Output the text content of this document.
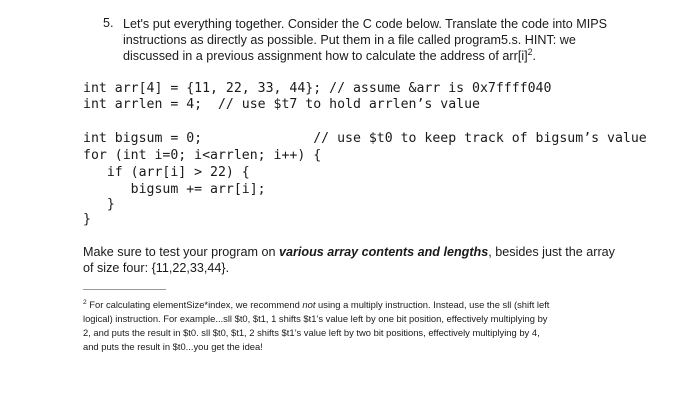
5. Let's put everything together. Consider the C code below. Translate the code into MIPS
instructions as directly as possible. Put them in a file called program5.s. HINT: we
discussed in a previous assignment how to calculate the address of $arr[i]^2$.
int arr[4] = {11, 22, 33, 44}; // assume &arr is 0x7ffff040
int arrlen = 4;  // use $t7 to hold arrlen’s value
int bigsum = 0;              // use $t0 to keep track of bigsum’s value
for (int i=0; i<arrlen; i++) {
if (arr[i] > 22) {
bigsum += arr[i];
}
}
Make sure to test your program on various array contents and lengths, besides just the array
of size four: {11,22,33,44}.
$^2$ For calculating elementSize*index, we recommend not using a multiply instruction. Instead, use the sll (shift left
logical) instruction. For example...sll $t0, $t1, 1 shifts $t1’s value left by one bit position, effectively multiplying by
2, and puts the result in $t0. sll $t0, $t1, 2 shifts $t1’s value left by two bit positions, effectively multiplying by 4,
and puts the result in $t0...you get the idea!
